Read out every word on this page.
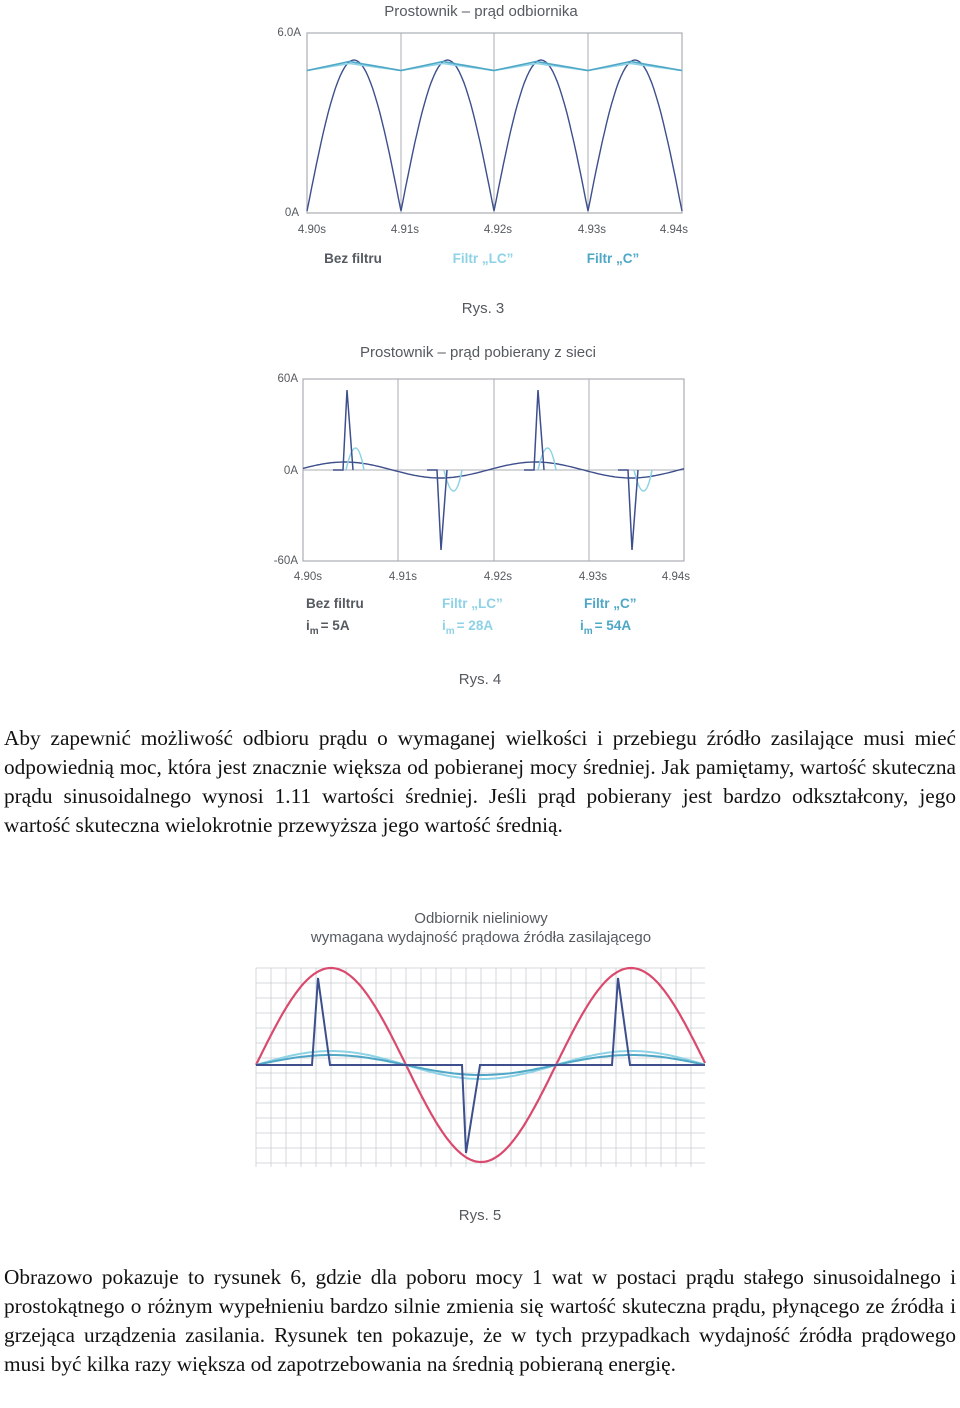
Prostownik – prąd odbiornika
6.0A
0A
4.90s	4.91s	4.92s	4.93s	4.94s
Bez filtru	Filtr „LC”	Filtr „C”
Rys. 3
Prostownik – prąd pobierany z sieci
60A
0A
-60A
4.90s	4.91s	4.92s	4.93s	4.94s
Bez filtru
im = 5A
Filtr „LC”
im = 28A
Filtr „C”
im = 54A
Rys. 4

Aby zapewnić możliwość odbioru prądu o wymaganej wielkości i przebiegu źródło zasilające musi mieć odpowiednią moc, która jest znacznie większa od pobieranej mocy średniej. Jak pamiętamy, wartość skuteczna prądu sinusoidalnego wynosi 1.11 wartości średniej. Jeśli prąd pobierany jest bardzo odkształcony, jego wartość skuteczna wielokrotnie przewyższa jego wartość średnią.

Odbiornik nieliniowy
wymagana wydajność prądowa źródła zasilającego
Rys. 5

Obrazowo pokazuje to rysunek 6, gdzie dla poboru mocy 1 wat w postaci prądu stałego sinusoidalnego i prostokątnego o różnym wypełnieniu bardzo silnie zmienia się wartość skuteczna prądu, płynącego ze źródła i grzejąca urządzenia zasilania. Rysunek ten pokazuje, że w tych przypadkach wydajność źródła prądowego musi być kilka razy większa od zapotrzebowania na średnią pobieraną energię.
